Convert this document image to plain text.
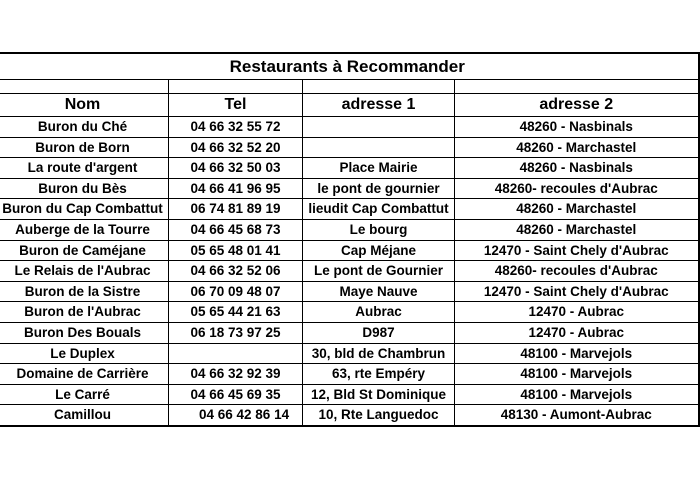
Restaurants à Recommander			

Nom	Tel	adresse 1	adresse 2
Buron du Ché	04 66 32 55 72		48260 - Nasbinals
Buron de Born	04 66 32 52 20		48260 - Marchastel
La route d'argent	04 66 32 50 03	Place Mairie	48260 - Nasbinals
Buron du Bès	04 66 41 96 95	le pont de gournier	48260- recoules d'Aubrac
Buron du Cap Combattut	06 74 81 89 19	lieudit Cap Combattut	48260 - Marchastel
Auberge de la Tourre	04 66 45 68 73	Le bourg	48260 - Marchastel
Buron de Caméjane	05 65 48 01 41	Cap Méjane	12470 - Saint Chely d'Aubrac
Le Relais de l'Aubrac	04 66 32 52 06	Le pont de Gournier	48260- recoules d'Aubrac
Buron de la Sistre	06 70 09 48 07	Maye Nauve	12470 - Saint Chely d'Aubrac
Buron de l'Aubrac	05 65 44 21 63	Aubrac	12470 - Aubrac
Buron Des Bouals	06 18 73 97 25	D987	12470 - Aubrac
Le Duplex		30, bld de Chambrun	48100 - Marvejols
Domaine de Carrière	04 66 32 92 39	63, rte Empéry	48100 - Marvejols
Le Carré	04 66 45 69 35	12, Bld St Dominique	48100 - Marvejols
Camillou	04 66 42 86 14	10, Rte Languedoc	48130 - Aumont-Aubrac
